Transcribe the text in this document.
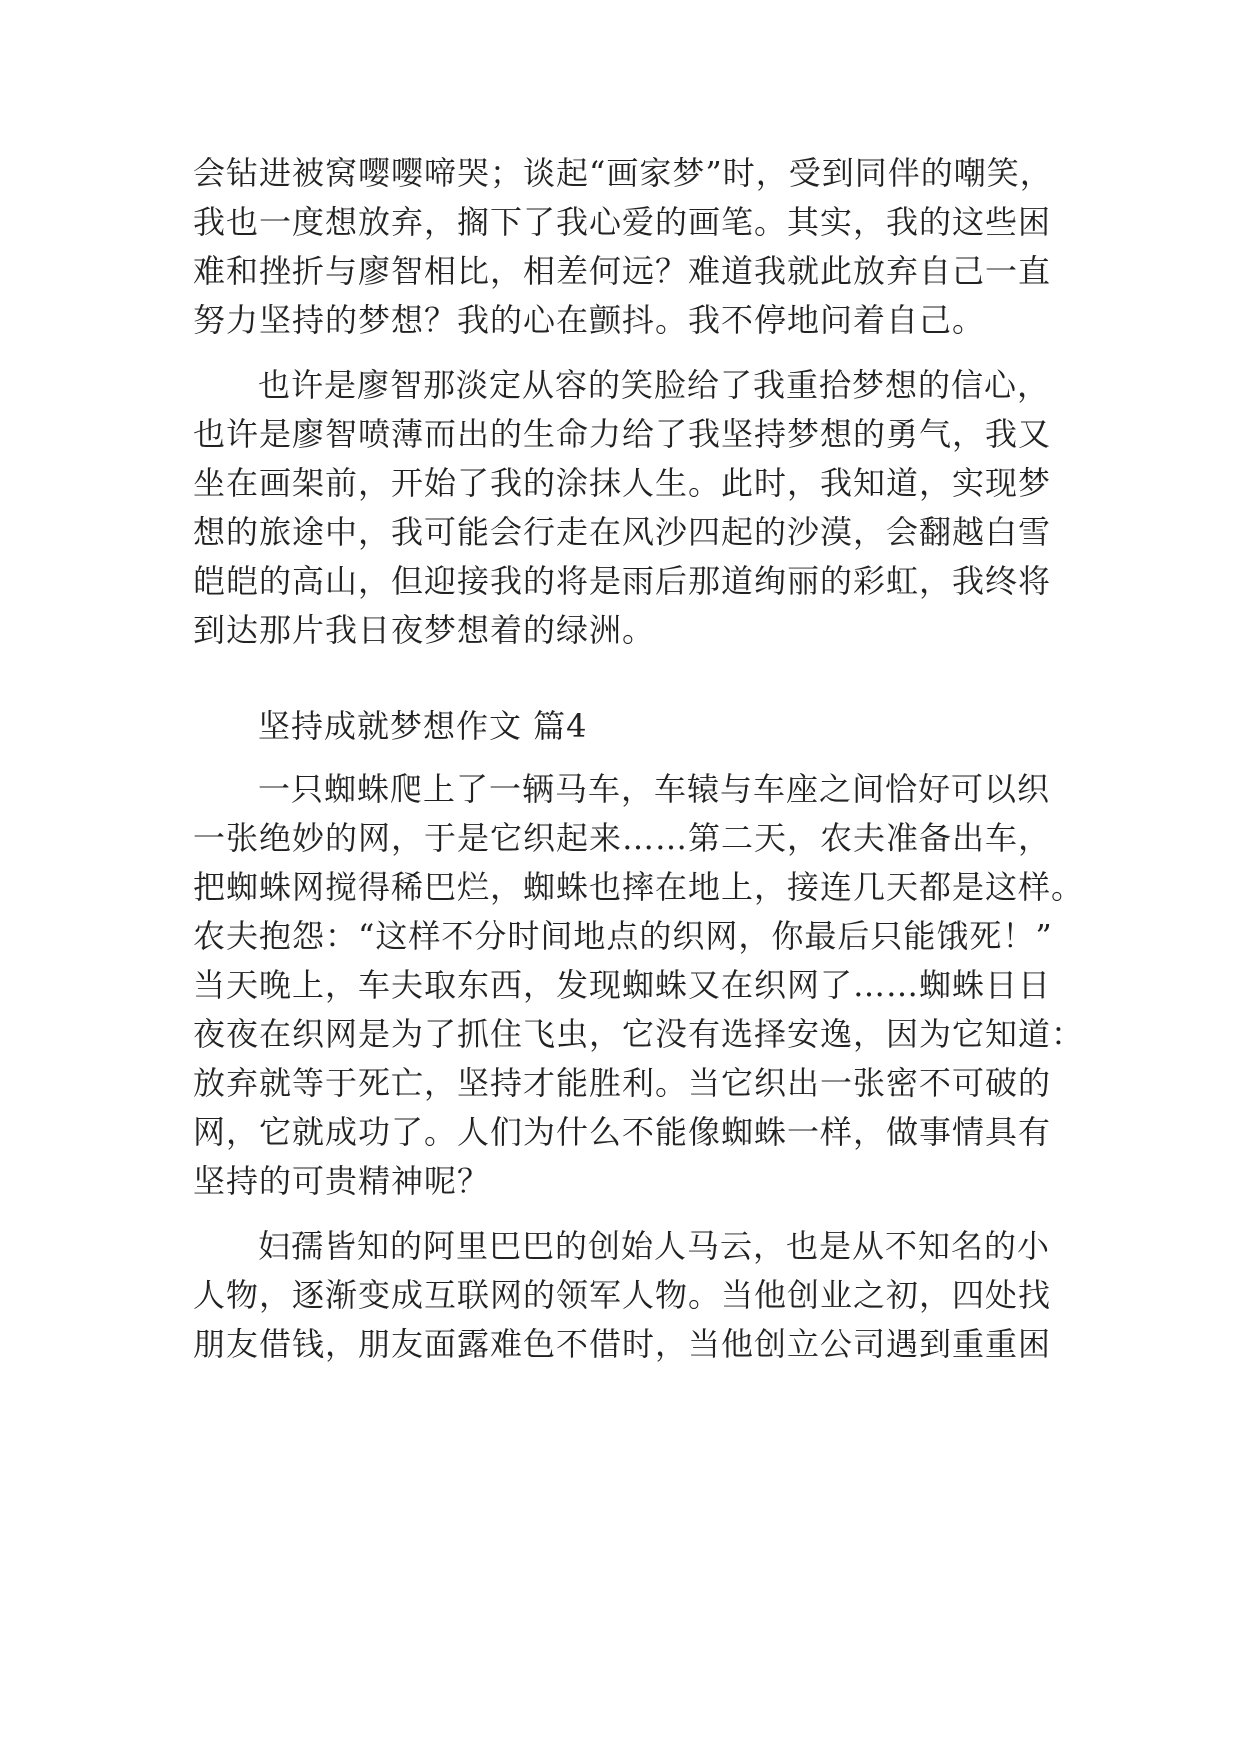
会钻进被窝嘤嘤啼哭；谈起“画家梦”时，受到同伴的嘲笑，
我也一度想放弃，搁下了我心爱的画笔。其实，我的这些困
难和挫折与廖智相比，相差何远？难道我就此放弃自己一直
努力坚持的梦想？我的心在颤抖。我不停地问着自己。
也许是廖智那淡定从容的笑脸给了我重拾梦想的信心，
也许是廖智喷薄而出的生命力给了我坚持梦想的勇气，我又
坐在画架前，开始了我的涂抹人生。此时，我知道，实现梦
想的旅途中，我可能会行走在风沙四起的沙漠，会翻越白雪
皑皑的高山，但迎接我的将是雨后那道绚丽的彩虹，我终将
到达那片我日夜梦想着的绿洲。
坚持成就梦想作文 篇4
一只蜘蛛爬上了一辆马车，车辕与车座之间恰好可以织
一张绝妙的网，于是它织起来……第二天，农夫准备出车，
把蜘蛛网搅得稀巴烂，蜘蛛也摔在地上，接连几天都是这样。
农夫抱怨：“这样不分时间地点的织网，你最后只能饿死！”
当天晚上，车夫取东西，发现蜘蛛又在织网了……蜘蛛日日
夜夜在织网是为了抓住飞虫，它没有选择安逸，因为它知道：
放弃就等于死亡，坚持才能胜利。当它织出一张密不可破的
网，它就成功了。人们为什么不能像蜘蛛一样，做事情具有
坚持的可贵精神呢？
妇孺皆知的阿里巴巴的创始人马云，也是从不知名的小
人物，逐渐变成互联网的领军人物。当他创业之初，四处找
朋友借钱，朋友面露难色不借时，当他创立公司遇到重重困
